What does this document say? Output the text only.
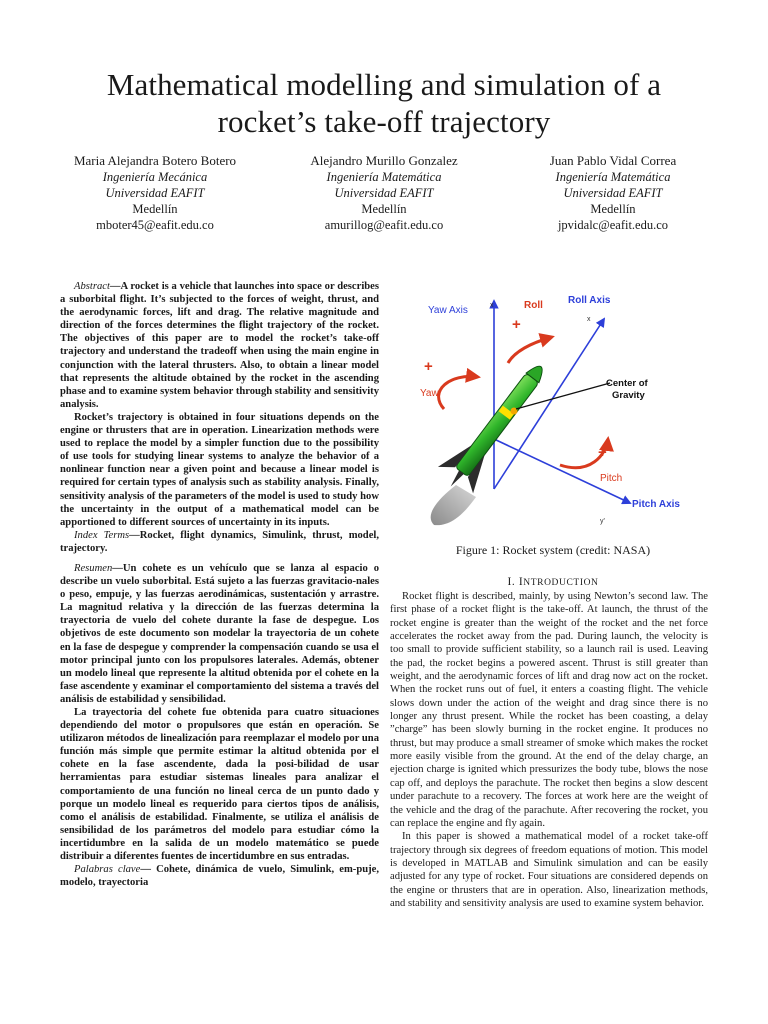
Mathematical modelling and simulation of a
rocket’s take-off trajectory
Maria Alejandra Botero Botero
Ingeniería Mecánica
Universidad EAFIT
Medellín
mboter45@eafit.edu.co
Alejandro Murillo Gonzalez
Ingeniería Matemática
Universidad EAFIT
Medellín
amurillog@eafit.edu.co
Juan Pablo Vidal Correa
Ingeniería Matemática
Universidad EAFIT
Medellín
jpvidalc@eafit.edu.co

Abstract—A rocket is a vehicle that launches into space or describes a suborbital flight. It’s subjected to the forces of weight, thrust, and the aerodynamic forces, lift and drag. The relative magnitude and direction of the forces determines the flight trajectory of the rocket. The objectives of this paper are to model the rocket’s take-off trajectory and understand the tradeoff when using the main engine in conjunction with the lateral thrusters. Also, to obtain a linear model that represents the altitude obtained by the rocket in the ascending phase and to examine system behavior through stability and sensitivity analysis.

Rocket’s trajectory is obtained in four situations depends on the engine or thrusters that are in operation. Linearization methods were used to replace the model by a simpler function due to the possibility of use tools for studying linear systems to analyze the behavior of a nonlinear function near a given point and because a linear model is required for certain types of analysis such as stability analysis. Finally, sensitivity analysis of the parameters of the model is used to study how the uncertainty in the output of a mathematical model can be apportioned to different sources of uncertainty in its inputs.

Index Terms—Rocket, flight dynamics, Simulink, thrust, model, trajectory.

Resumen—Un cohete es un vehículo que se lanza al espacio o describe un vuelo suborbital. Está sujeto a las fuerzas gravitacio-nales o peso, empuje, y las fuerzas aerodinámicas, sustentación y arrastre. La magnitud relativa y la dirección de las fuerzas determina la trayectoria de vuelo del cohete durante la fase de despegue. Los objetivos de este documento son modelar la trayectoria de un cohete en la fase de despegue y comprender la compensación cuando se usa el motor principal junto con los propulsores laterales. Además, obtener un modelo lineal que represente la altitud obtenida por el cohete en la fase ascendente y examinar el comportamiento del sistema a través del análisis de estabilidad y sensibilidad.

La trayectoria del cohete fue obtenida para cuatro situaciones dependiendo del motor o propulsores que están en operación. Se utilizaron métodos de linealización para reemplazar el modelo por una función más simple que permite estimar la altitud obtenida por el cohete en la fase ascendente, dada la posi-bilidad de usar herramientas para estudiar sistemas lineales para analizar el comportamiento de una función no lineal cerca de un punto dado y porque un modelo lineal es requerido para ciertos tipos de análisis, como el análisis de estabilidad. Finalmente, se utiliza el análisis de sensibilidad de los parámetros del modelo para estudiar cómo la incertidumbre en la salida de un modelo matemático se puede distribuir a diferentes fuentes de incertidumbre en sus entradas.

Palabras clave— Cohete, dinámica de vuelo, Simulink, em-puje, modelo, trayectoria

Yaw Axis	Roll	Roll Axis
Center of
Gravity
Yaw
Pitch
Pitch Axis
+
+
+
x
x
y'
Figure 1: Rocket system (credit: NASA)
I. INTRODUCTION

Rocket flight is described, mainly, by using Newton’s second law. The first phase of a rocket flight is the take-off. At launch, the thrust of the rocket engine is greater than the weight of the rocket and the net force accelerates the rocket away from the pad. During launch, the velocity is too small to provide sufficient stability, so a launch rail is used. Leaving the pad, the rocket begins a powered ascent. Thrust is still greater than weight, and the aerodynamic forces of lift and drag now act on the rocket. When the rocket runs out of fuel, it enters a coasting flight. The vehicle slows down under the action of the weight and drag since there is no longer any thrust present. While the rocket has been coasting, a delay ”charge” has been slowly burning in the rocket engine. It produces no thrust, but may produce a small streamer of smoke which makes the rocket more easily visible from the ground. At the end of the delay charge, an ejection charge is ignited which pressurizes the body tube, blows the nose cap off, and deploys the parachute. The rocket then begins a slow descent under parachute to a recovery. The forces at work here are the weight of the vehicle and the drag of the parachute. After recovering the rocket, you can replace the engine and fly again.

In this paper is showed a mathematical model of a rocket take-off trajectory through six degrees of freedom equations of motion. This model is developed in MATLAB and Simulink simulation and can be easily adjusted for any type of rocket. Four situations are considered depends on the engine or thrusters that are in operation. Also, linearization methods, and stability and sensitivity analysis are used to examine system behavior.
